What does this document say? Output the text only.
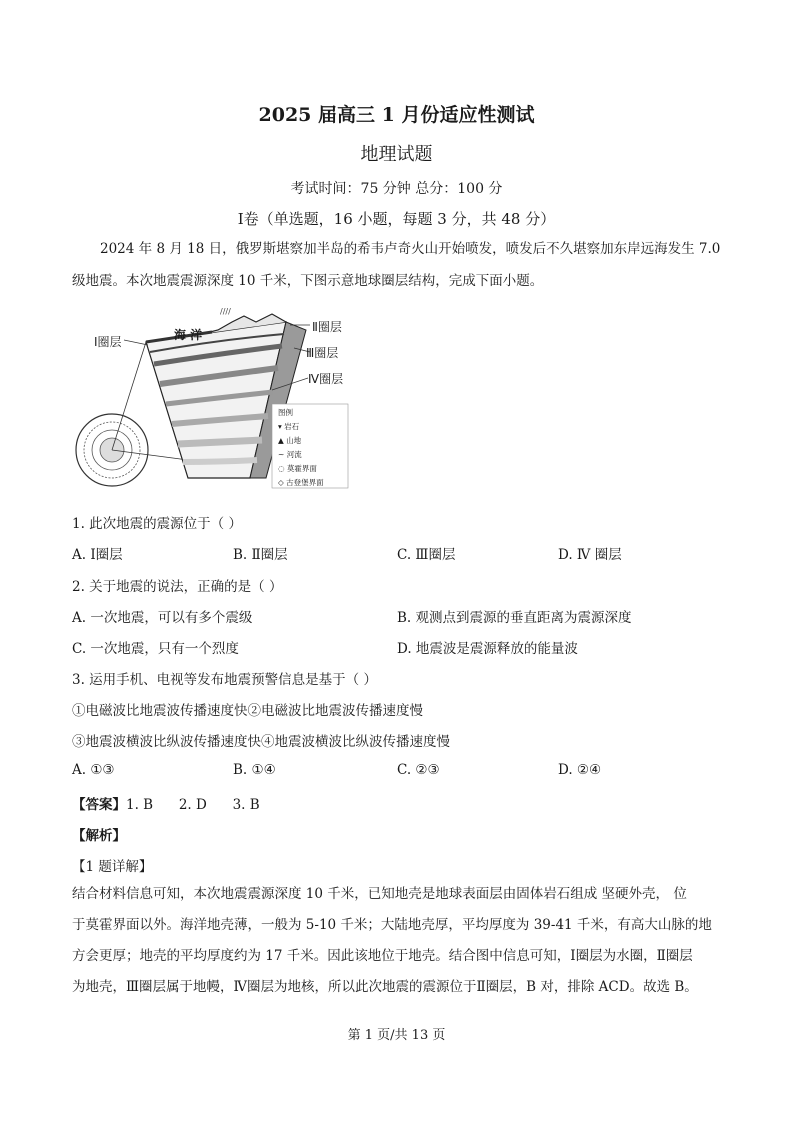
2025 届高三 1 月份适应性测试
地理试题
考试时间：75 分钟 总分：100 分
Ⅰ卷（单选题，16 小题，每题 3 分，共 48 分）
2024 年 8 月 18 日，俄罗斯堪察加半岛的希韦卢奇火山开始喷发，喷发后不久堪察加东岸远海发生 7.0
级地震。本次地震震源深度 10 千米，下图示意地球圈层结构，完成下面小题。
////
Ⅰ圈层	海 洋
Ⅱ圈层
Ⅲ圈层
Ⅳ圈层
图例
▾ 岩石
▲ 山地
~ 河流
◌ 莫霍界面
◇ 古登堡界面
1. 此次地震的震源位于（ ）
A. Ⅰ圈层	B. Ⅱ圈层	C. Ⅲ圈层	D. Ⅳ 圈层
2. 关于地震的说法，正确的是（ ）
A. 一次地震，可以有多个震级	B. 观测点到震源的垂直距离为震源深度
C. 一次地震，只有一个烈度	D. 地震波是震源释放的能量波
3. 运用手机、电视等发布地震预警信息是基于（ ）
①电磁波比地震波传播速度快②电磁波比地震波传播速度慢
③地震波横波比纵波传播速度快④地震波横波比纵波传播速度慢
A. ①③	B. ①④	C. ②③	D. ②④
【答案】1. B      2. D      3. B
【解析】
【1 题详解】
结合材料信息可知，本次地震震源深度 10 千米，已知地壳是地球表面层由固体岩石组成 坚硬外壳， 位
于莫霍界面以外。海洋地壳薄，一般为 5-10 千米；大陆地壳厚，平均厚度为 39-41 千米，有高大山脉的地
方会更厚；地壳的平均厚度约为 17 千米。因此该地位于地壳。结合图中信息可知，Ⅰ圈层为水圈，Ⅱ圈层
为地壳，Ⅲ圈层属于地幔，Ⅳ圈层为地核，所以此次地震的震源位于Ⅱ圈层，B 对，排除 ACD。故选 B。
第 1 页/共 13 页
